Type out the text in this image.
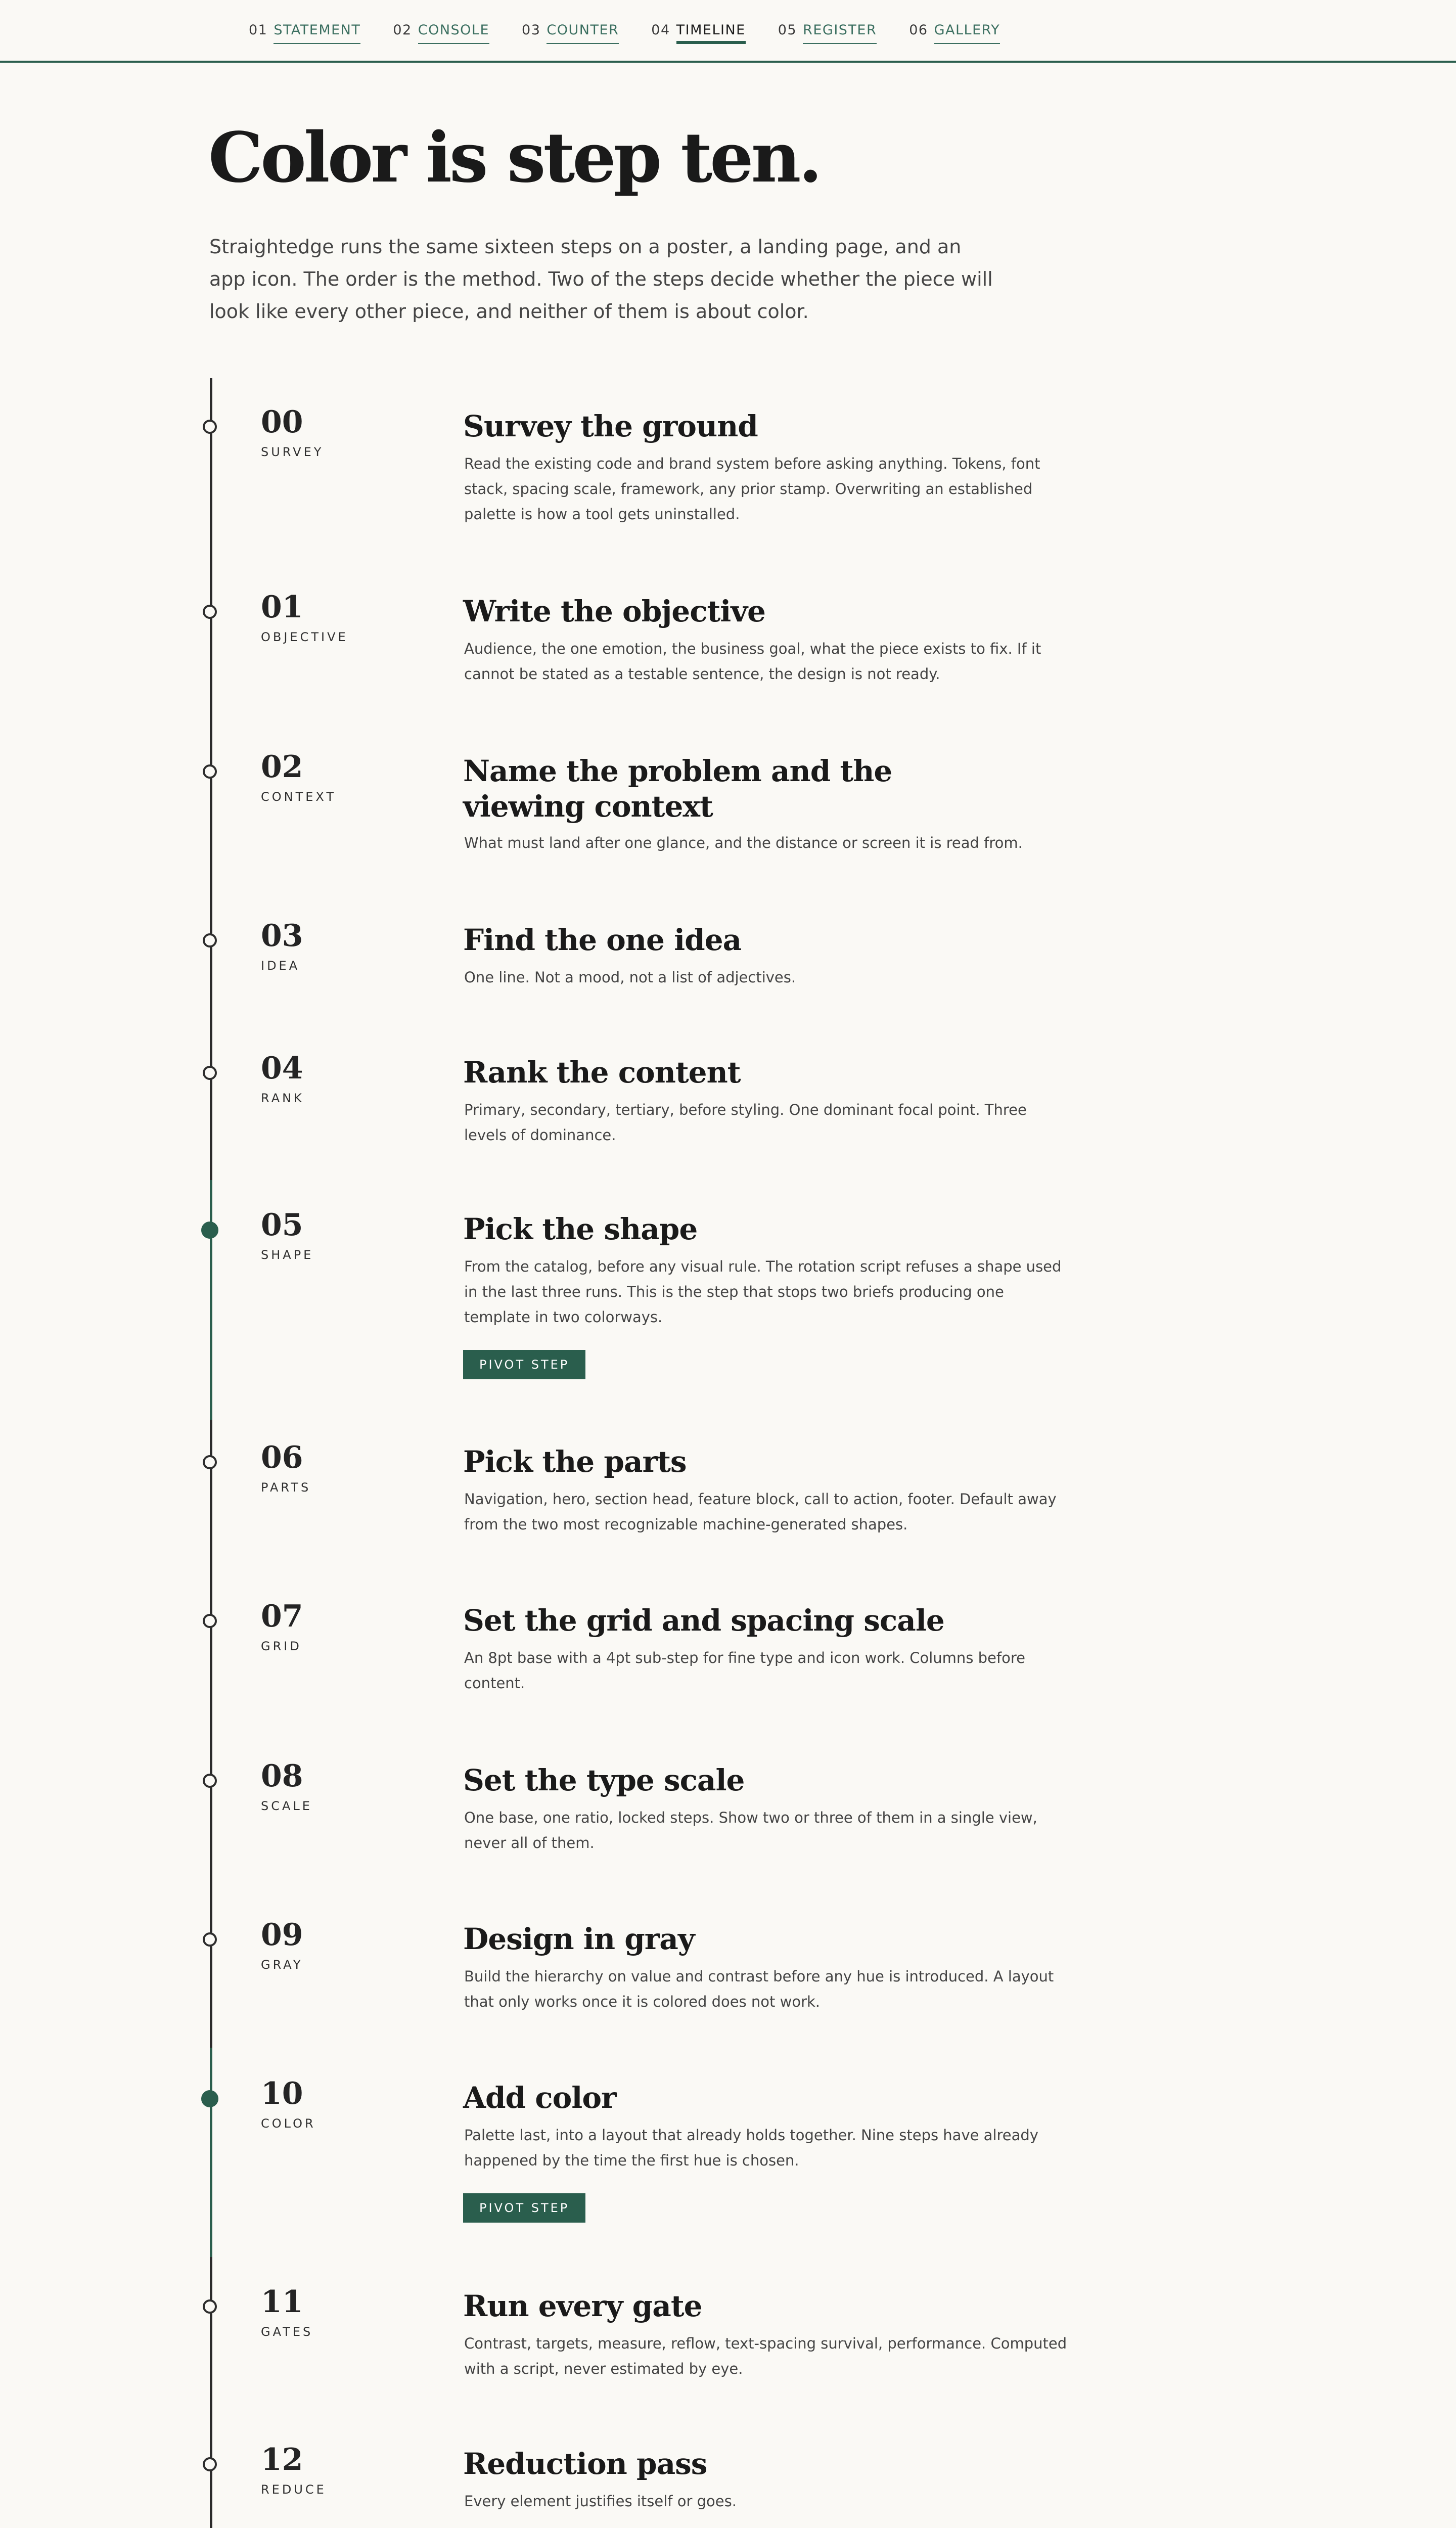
01 STATEMENT 02 CONSOLE 03 COUNTER 04 TIMELINE 05 REGISTER 06 GALLERY
Color is step ten.

Straightedge runs the same sixteen steps on a poster, a landing page, and an app icon. The order is the method. Two of the steps decide whether the piece will look like every other piece, and neither of them is about color.

00
SURVEY
Survey the ground

Read the existing code and brand system before asking anything. Tokens, font stack, spacing scale, framework, any prior stamp. Overwriting an established palette is how a tool gets uninstalled.

01
OBJECTIVE
Write the objective

Audience, the one emotion, the business goal, what the piece exists to fix. If it cannot be stated as a testable sentence, the design is not ready.

02
CONTEXT
Name the problem and the viewing context

What must land after one glance, and the distance or screen it is read from.

03
IDEA
Find the one idea

One line. Not a mood, not a list of adjectives.

04
RANK
Rank the content

Primary, secondary, tertiary, before styling. One dominant focal point. Three levels of dominance.

05
SHAPE
Pick the shape

From the catalog, before any visual rule. The rotation script refuses a shape used in the last three runs. This is the step that stops two briefs producing one template in two colorways.

PIVOT STEP
06
PARTS
Pick the parts

Navigation, hero, section head, feature block, call to action, footer. Default away from the two most recognizable machine-generated shapes.

07
GRID
Set the grid and spacing scale

An 8pt base with a 4pt sub-step for fine type and icon work. Columns before content.

08
SCALE
Set the type scale

One base, one ratio, locked steps. Show two or three of them in a single view, never all of them.

09
GRAY
Design in gray

Build the hierarchy on value and contrast before any hue is introduced. A layout that only works once it is colored does not work.

10
COLOR
Add color

Palette last, into a layout that already holds together. Nine steps have already happened by the time the first hue is chosen.

PIVOT STEP
11
GATES
Run every gate

Contrast, targets, measure, reflow, text-spacing survival, performance. Computed with a script, never estimated by eye.

12
REDUCE
Reduction pass

Every element justifies itself or goes.
